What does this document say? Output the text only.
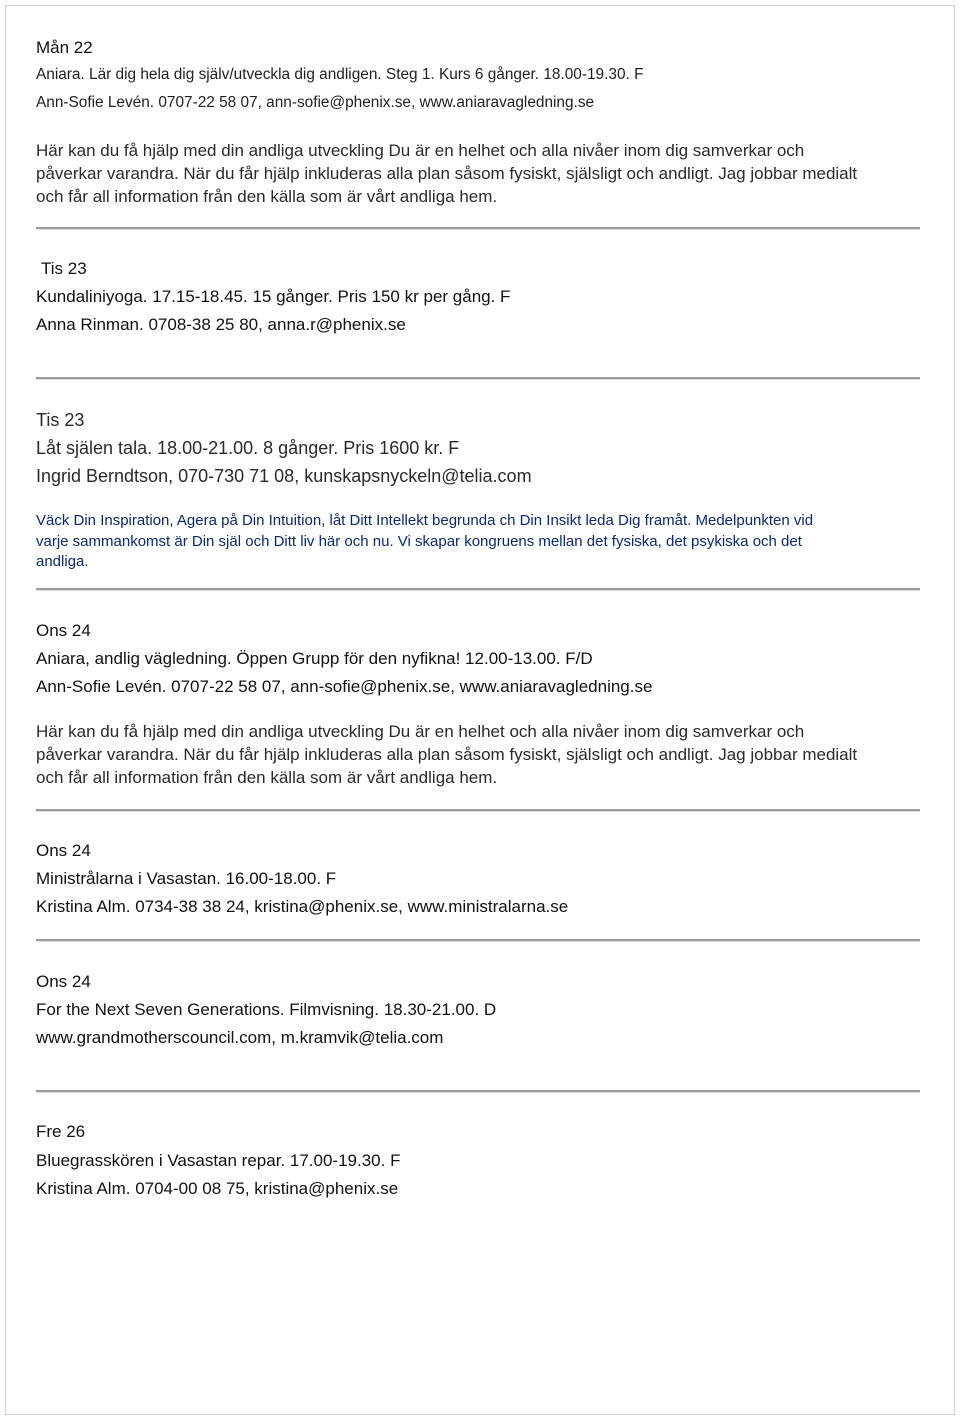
Mån 22
Aniara. Lär dig hela dig själv/utveckla dig andligen. Steg 1. Kurs 6 gånger. 18.00-19.30. F
Ann-Sofie Levén. 0707-22 58 07, ann-sofie@phenix.se, www.aniaravagledning.se
Här kan du få hjälp med din andliga utveckling Du är en helhet och alla nivåer inom dig samverkar och
påverkar varandra. När du får hjälp inkluderas alla plan såsom fysiskt, själsligt och andligt. Jag jobbar medialt
och får all information från den källa som är vårt andliga hem.
Tis 23
Kundaliniyoga. 17.15-18.45. 15 gånger. Pris 150 kr per gång. F
Anna Rinman. 0708-38 25 80, anna.r@phenix.se
Tis 23
Låt själen tala. 18.00-21.00. 8 gånger. Pris 1600 kr. F
Ingrid Berndtson, 070-730 71 08, kunskapsnyckeln@telia.com
Väck Din Inspiration, Agera på Din Intuition, låt Ditt Intellekt begrunda ch Din Insikt leda Dig framåt. Medelpunkten vid
varje sammankomst är Din själ och Ditt liv här och nu. Vi skapar kongruens mellan det fysiska, det psykiska och det
andliga.
Ons 24
Aniara, andlig vägledning. Öppen Grupp för den nyfikna! 12.00-13.00. F/D
Ann-Sofie Levén. 0707-22 58 07, ann-sofie@phenix.se, www.aniaravagledning.se
Här kan du få hjälp med din andliga utveckling Du är en helhet och alla nivåer inom dig samverkar och
påverkar varandra. När du får hjälp inkluderas alla plan såsom fysiskt, själsligt och andligt. Jag jobbar medialt
och får all information från den källa som är vårt andliga hem.
Ons 24
Ministrålarna i Vasastan. 16.00-18.00. F
Kristina Alm. 0734-38 38 24, kristina@phenix.se, www.ministralarna.se
Ons 24
For the Next Seven Generations. Filmvisning. 18.30-21.00. D
www.grandmotherscouncil.com, m.kramvik@telia.com
Fre 26
Bluegrasskören i Vasastan repar. 17.00-19.30. F
Kristina Alm. 0704-00 08 75, kristina@phenix.se
